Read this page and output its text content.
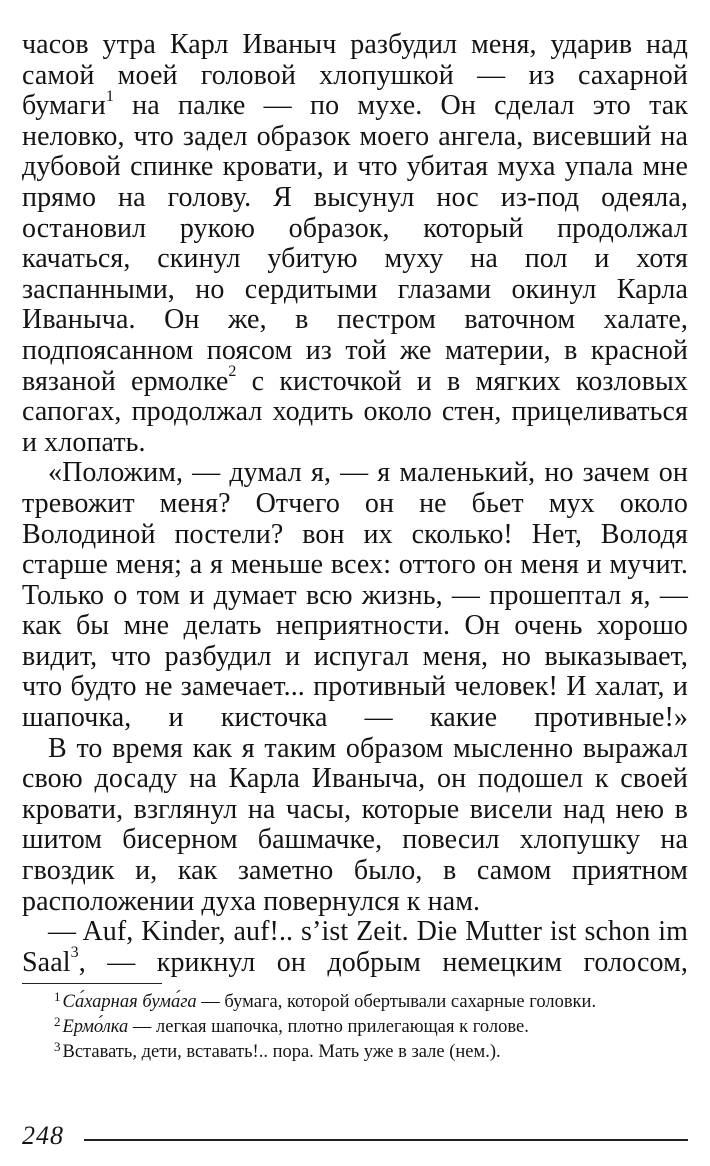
часов утра Карл Иваныч разбудил меня, ударив над самой моей головой хлопушкой — из сахарной бумаги$^1$ на палке — по мухе. Он сделал это так неловко, что задел образок моего ангела, висевший на дубовой спинке кровати, и что убитая муха упала мне прямо на голову. Я высунул нос из-под одеяла, остановил рукою образок, который продолжал качаться, скинул убитую муху на пол и хотя заспанными, но сердитыми глазами окинул Карла Иваныча. Он же, в пестром ваточном халате, подпоясанном поясом из той же материи, в красной вязаной ермолке$^2$ с кисточкой и в мягких козловых сапогах, продолжал ходить около стен, прицеливаться и хлопать.

«Положим, — думал я, — я маленький, но зачем он тревожит меня? Отчего он не бьет мух около Володиной постели? вон их сколько! Нет, Володя старше меня; а я меньше всех: оттого он меня и мучит. Только о том и думает всю жизнь, — прошептал я, — как бы мне делать неприятности. Он очень хорошо видит, что разбудил и испугал меня, но выказывает, что будто не замечает... противный человек! И халат, и шапочка, и кисточка — какие противные!»

В то время как я таким образом мысленно выражал свою досаду на Карла Иваныча, он подошел к своей кровати, взглянул на часы, которые висели над нею в шитом бисерном башмачке, повесил хлопушку на гвоздик и, как заметно было, в самом приятном расположении духа повернулся к нам.

— Auf, Kinder, auf!.. s’ist Zeit. Die Mutter ist schon im Saal$^3$, — крикнул он добрым немецким голосом,

$^1$ Са́харная бума́га — бумага, которой обертывали сахарные головки.

$^2$ Ермо́лка — легкая шапочка, плотно прилегающая к голове.

$^3$ Вставать, дети, вставать!.. пора. Мать уже в зале (нем.).

248
